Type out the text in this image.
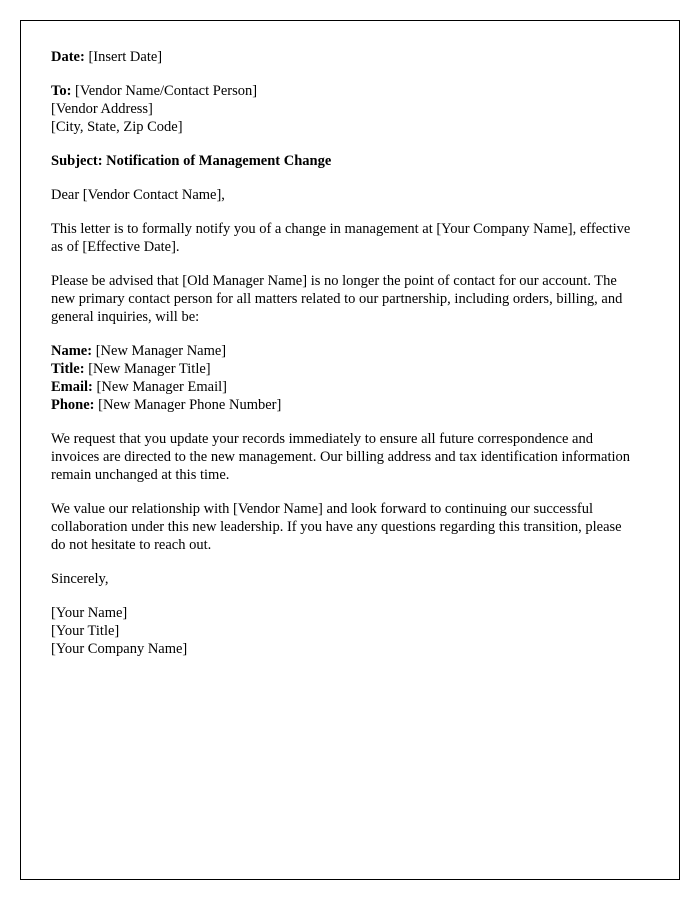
Date: [Insert Date]

To: [Vendor Name/Contact Person]

[Vendor Address]

[City, State, Zip Code]

Subject: Notification of Management Change

Dear [Vendor Contact Name],

This letter is to formally notify you of a change in management at [Your Company Name], effective as of [Effective Date].

Please be advised that [Old Manager Name] is no longer the point of contact for our account. The new primary contact person for all matters related to our partnership, including orders, billing, and general inquiries, will be:

Name: [New Manager Name]

Title: [New Manager Title]

Email: [New Manager Email]

Phone: [New Manager Phone Number]

We request that you update your records immediately to ensure all future correspondence and invoices are directed to the new management. Our billing address and tax identification information remain unchanged at this time.

We value our relationship with [Vendor Name] and look forward to continuing our successful collaboration under this new leadership. If you have any questions regarding this transition, please do not hesitate to reach out.

Sincerely,

[Your Name]

[Your Title]

[Your Company Name]
